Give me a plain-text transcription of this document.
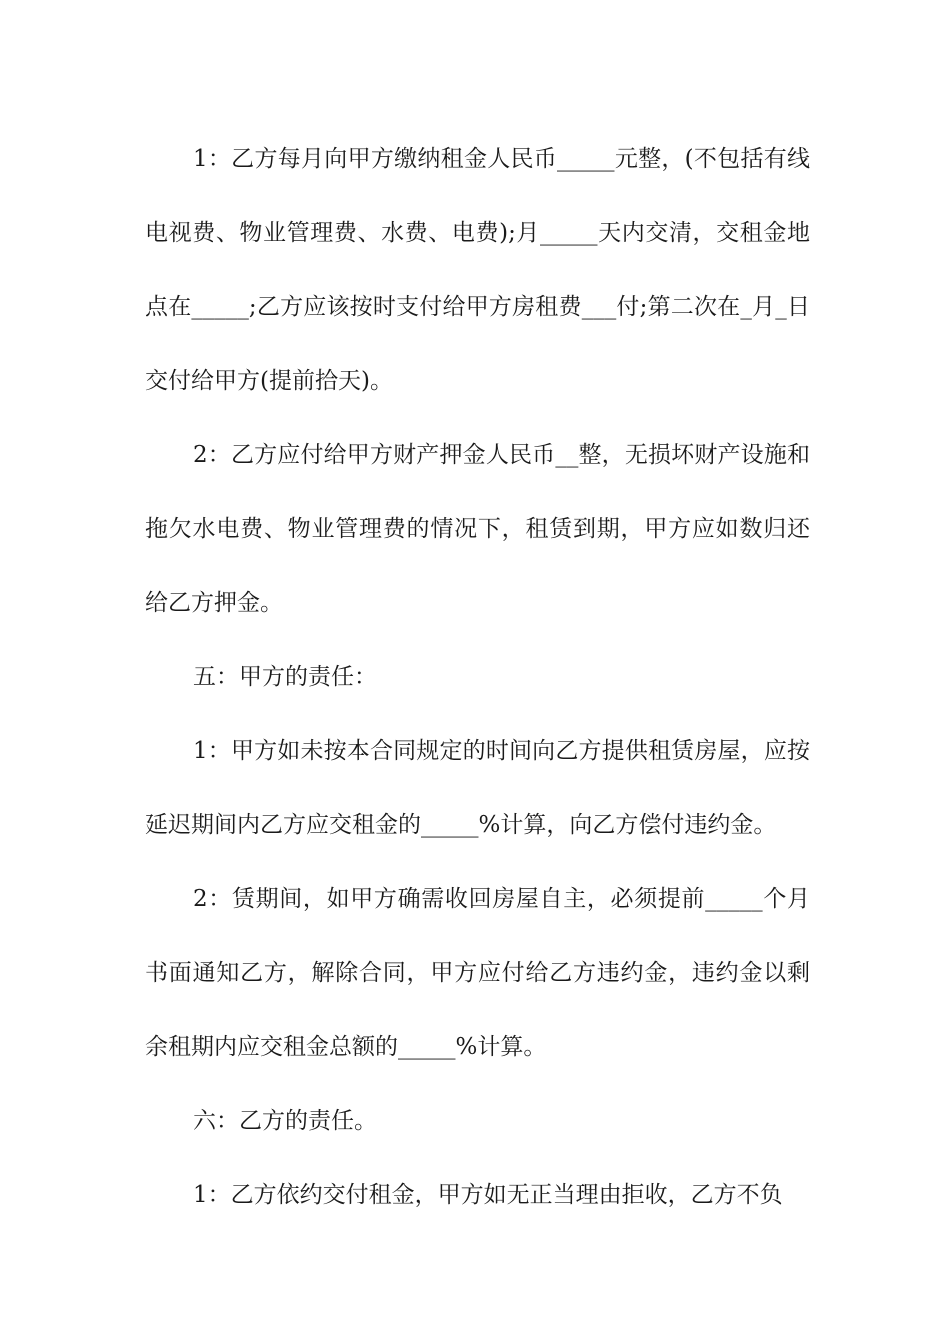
1：乙方每月向甲方缴纳租金人民币_____元整，(不包括有线电视费、物业管理费、水费、电费);月_____天内交清，交租金地点在_____;乙方应该按时支付给甲方房租费___付;第二次在_月_日交付给甲方(提前拾天)。

2：乙方应付给甲方财产押金人民币__整，无损坏财产设施和拖欠水电费、物业管理费的情况下，租赁到期，甲方应如数归还给乙方押金。

五：甲方的责任：

1：甲方如未按本合同规定的时间向乙方提供租赁房屋，应按延迟期间内乙方应交租金的_____%计算，向乙方偿付违约金。

2：赁期间，如甲方确需收回房屋自主，必须提前_____个月书面通知乙方，解除合同，甲方应付给乙方违约金，违约金以剩余租期内应交租金总额的_____%计算。

六：乙方的责任。

1：乙方依约交付租金，甲方如无正当理由拒收，乙方不负
